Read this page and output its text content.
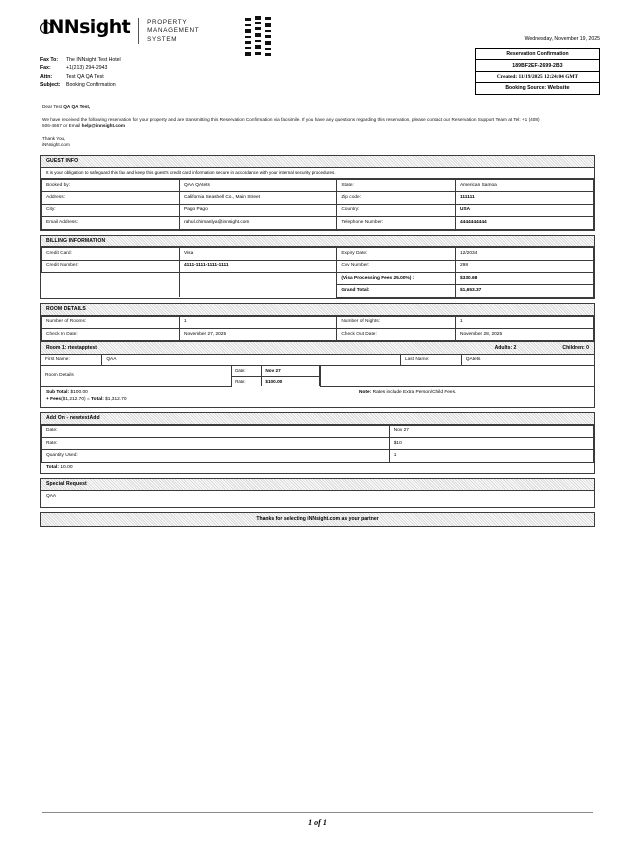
INNsight	PROPERTY
MANAGEMENT
SYSTEM
Fax To:	The INNsight Test Hotel
Fax:	+1(213) 294-2943
Attn:	Test QA QA Test
Subject:	Booking Confirmation
Wednesday, November 19, 2025
Reservation Confirmation
189BF2EF-2699-2B3
Created: 11/19/2025 12:24:04 GMT
Booking Source: Website
Dear Test QA QA Test,
We have received the following reservation for your property and are transmitting this Reservation Confirmation via facsimile. If you have any questions regarding this reservation, please contact our Reservation Support Team at Tel: +1 (408) 506-4667 or Email help@innsight.com
Thank You,
iNNsight.com
GUEST INFO
It is your obligation to safeguard this fax and keep this guest's credit card information secure in accordance with your internal security procedures.
Booked by:	QAA QAtets	State:	American Samoa
Address:	California Seashell Co., Main Street	Zip code:	111111
City:	Pago Pago	Country:	USA
Email Address:	rahul.chimanlya@innsight.com	Telephone Number:	4444444444
BILLING INFORMATION
Credit Card:	Visa	Expiry Date:	12/2034
Credit Number:	4111-1111-1111-1111	Cvv Number:	298
		(Visa Processing Fees 25.00%) :	$330.68
		Grand Total:	$1,653.37
ROOM DETAILS
Number of Rooms:	1	Number of Nights:	1
Check In Date:	November 27, 2025	Check Out Date:	November 28, 2025
Room 1: rtestapptest	Adults: 2	Children: 0
First Name:	QAA	Last Name:	QAtets
Room Details	
Date:	Nov 27
Rate:	$100.00

Sub Total: $100.00
+ Fees($1,212.70) = Total: $1,312.70
Note: Rates include Extra Person/Child Fees.
Add On - newtestAdd
Date:	Nov 27
Rate:	$10
Quantity Used:	1
Total: 10.00
Special Request
QAA
Thanks for selecting iNNsight.com as your partner
1 of 1
